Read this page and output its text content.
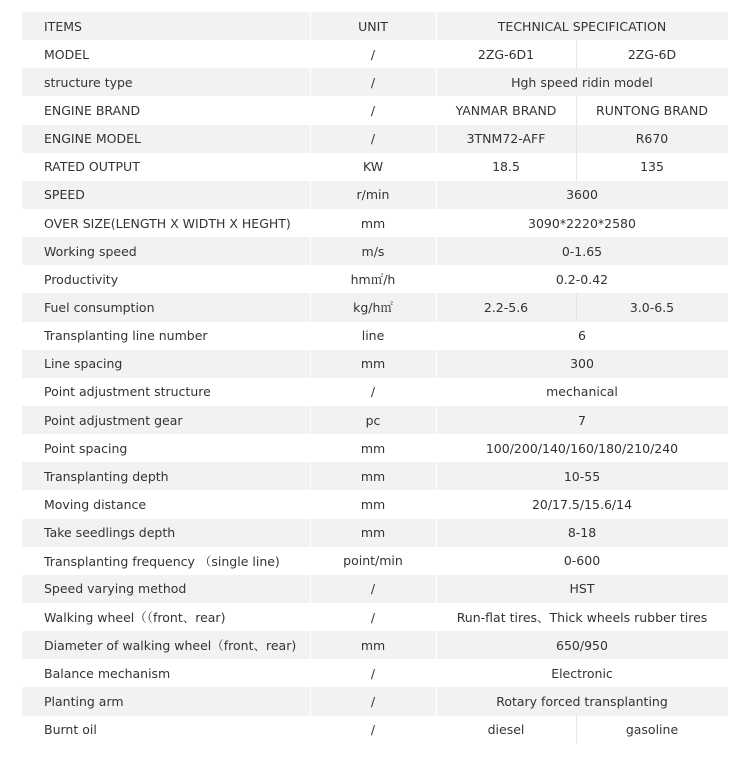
ITEMS	UNIT	TECHNICAL SPECIFICATION	
MODEL	/	2ZG-6D1	2ZG-6D
structure type	/	Hgh speed ridin model	
ENGINE BRAND	/	YANMAR BRAND	RUNTONG BRAND
ENGINE MODEL	/	3TNM72-AFF	R670
RATED OUTPUT	KW	18.5	135
SPEED	r/min	3600	
OVER SIZE(LENGTH X WIDTH X HEGHT)	mm	3090*2220*2580	
Working speed	m/s	0-1.65	
Productivity	hm㎡/h	0.2-0.42	
Fuel consumption	kg/h㎡	2.2-5.6	3.0-6.5
Transplanting line number	line	6	
Line spacing	mm	300	
Point adjustment structure	/	mechanical	
Point adjustment gear	pc	7	
Point spacing	mm	100/200/140/160/180/210/240	
Transplanting depth	mm	10-55	
Moving distance	mm	20/17.5/15.6/14	
Take seedlings depth	mm	8-18	
Transplanting frequency （single line)	point/min	0-600	
Speed varying method	/	HST	
Walking wheel（（front、rear)	/	Run-flat tires、Thick wheels rubber tires	
Diameter of walking wheel（front、rear)	mm	650/950	
Balance mechanism	/	Electronic	
Planting arm	/	Rotary forced transplanting	
Burnt oil	/	diesel	gasoline
